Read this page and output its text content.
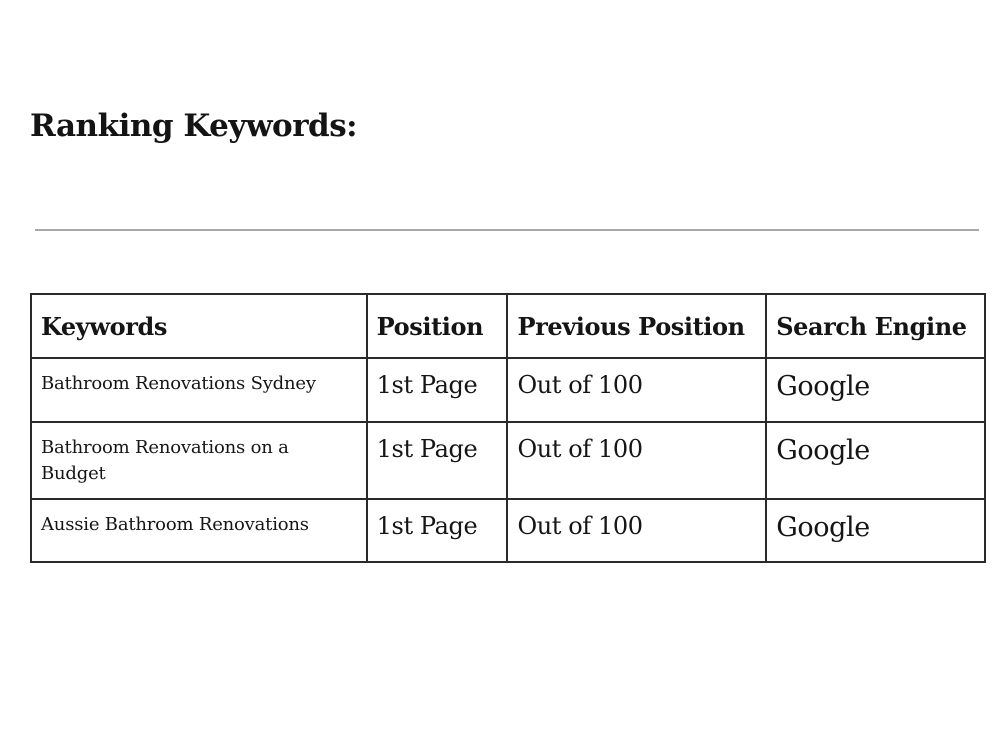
Ranking Keywords:
Keywords	Position	Previous Position	Search Engine
Bathroom Renovations Sydney	1st Page	Out of 100	Google
Bathroom Renovations on a Budget	1st Page	Out of 100	Google
Aussie Bathroom Renovations	1st Page	Out of 100	Google
